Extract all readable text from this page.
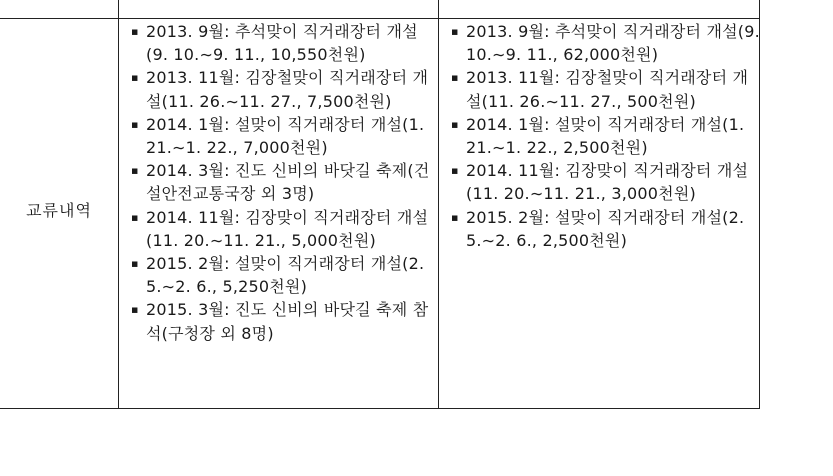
교류내역
▪ 2013. 9월: 추석맞이 직거래장터 개설(9. 10.∼9. 11., 10,550천원)
▪ 2013. 11월: 김장철맞이 직거래장터 개설(11. 26.∼11. 27., 7,500천원)
▪ 2014. 1월: 설맞이 직거래장터 개설(1. 21.∼1. 22., 7,000천원)
▪ 2014. 3월: 진도 신비의 바닷길 축제(건설안전교통국장 외 3명)
▪ 2014. 11월: 김장맞이 직거래장터 개설 (11. 20.∼11. 21., 5,000천원)
▪ 2015. 2월: 설맞이 직거래장터 개설(2. 5.∼2. 6., 5,250천원)
▪ 2015. 3월: 진도 신비의 바닷길 축제 참석(구청장 외 8명)
▪ 2013. 9월: 추석맞이 직거래장터 개설(9. 10.∼9. 11., 62,000천원)
▪ 2013. 11월: 김장철맞이 직거래장터 개설(11. 26.∼11. 27., 500천원)
▪ 2014. 1월: 설맞이 직거래장터 개설(1. 21.∼1. 22., 2,500천원)
▪ 2014. 11월: 김장맞이 직거래장터 개설(11. 20.∼11. 21., 3,000천원)
▪ 2015. 2월: 설맞이 직거래장터 개설(2. 5.∼2. 6., 2,500천원)
